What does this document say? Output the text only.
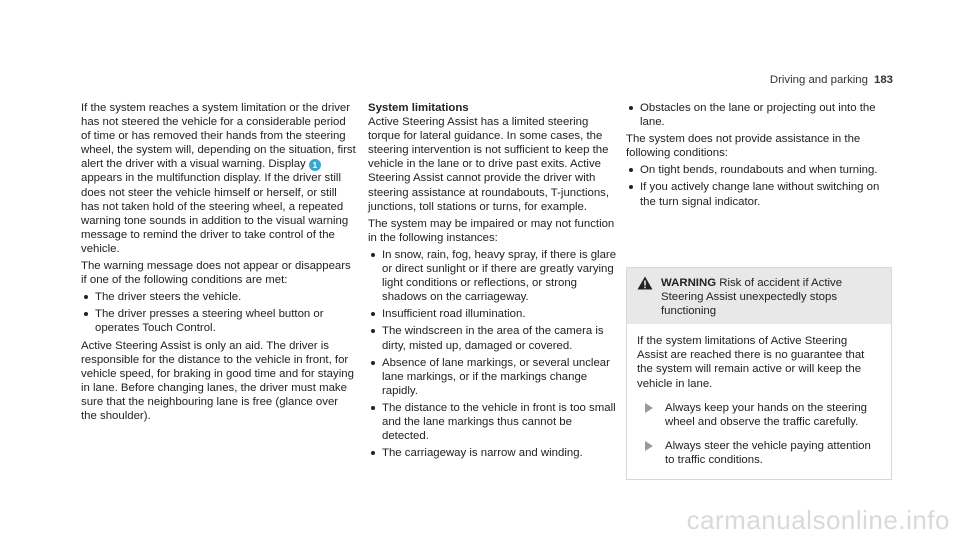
Driving and parking 183

If the system reaches a system limitation or the driver has not steered the vehicle for a considerable period of time or has removed their hands from the steering wheel, the system will, depending on the situation, first alert the driver with a visual warning. Display 1 appears in the multifunction display. If the driver still does not steer the vehicle himself or herself, or still has not taken hold of the steering wheel, a repeated warning tone sounds in addition to the visual warning message to remind the driver to take control of the vehicle.

The warning message does not appear or disappears if one of the following conditions are met:

The driver steers the vehicle.
The driver presses a steering wheel button or operates Touch Control.

Active Steering Assist is only an aid. The driver is responsible for the distance to the vehicle in front, for vehicle speed, for braking in good time and for staying in lane. Before changing lanes, the driver must make sure that the neighbouring lane is free (glance over the shoulder).

System limitations

Active Steering Assist has a limited steering torque for lateral guidance. In some cases, the steering intervention is not sufficient to keep the vehicle in the lane or to drive past exits. Active Steering Assist cannot provide the driver with steering assistance at roundabouts, T-junctions, junctions, toll stations or turns, for example.

The system may be impaired or may not function in the following instances:

In snow, rain, fog, heavy spray, if there is glare or direct sunlight or if there are greatly varying light conditions or reflections, or strong shadows on the carriageway.
Insufficient road illumination.
The windscreen in the area of the camera is dirty, misted up, damaged or covered.
Absence of lane markings, or several unclear lane markings, or if the markings change rapidly.
The distance to the vehicle in front is too small and the lane markings thus cannot be detected.
The carriageway is narrow and winding.
Obstacles on the lane or projecting out into the lane.

The system does not provide assistance in the following conditions:

On tight bends, roundabouts and when turning.
If you actively change lane without switching on the turn signal indicator.
WARNING Risk of accident if Active Steering Assist unexpectedly stops functioning

If the system limitations of Active Steering Assist are reached there is no guarantee that the system will remain active or will keep the vehicle in lane.

Always keep your hands on the steering wheel and observe the traffic carefully.
Always steer the vehicle paying attention to traffic conditions.
carmanualsonline.info
